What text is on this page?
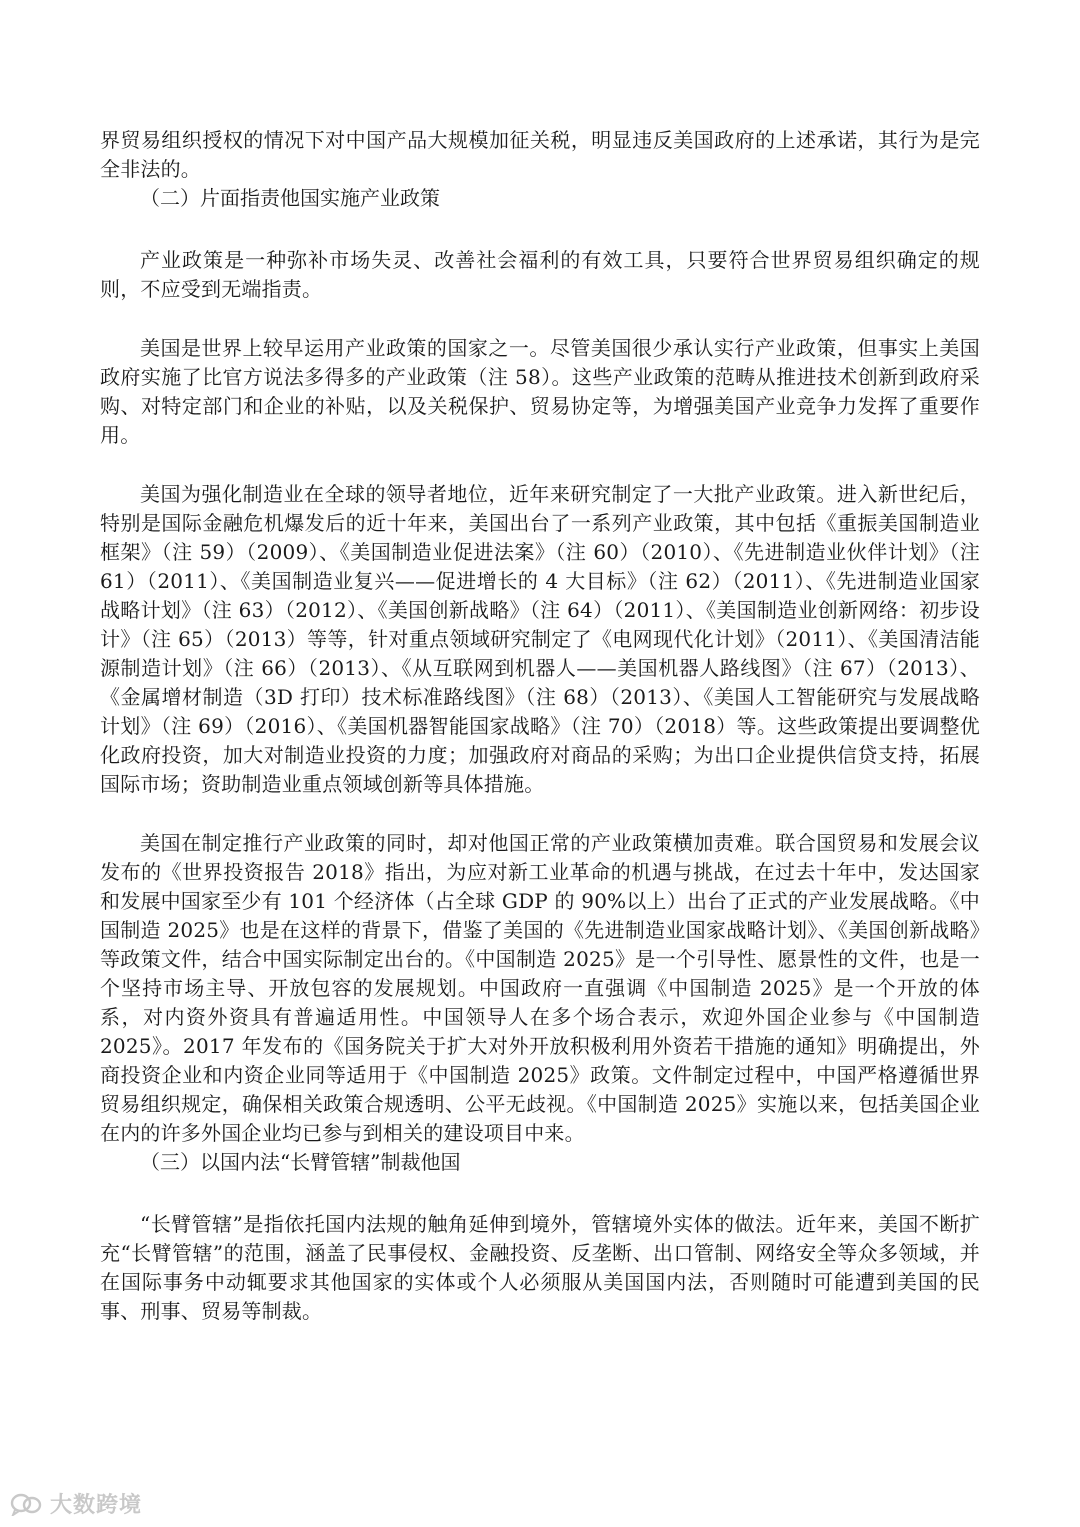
界贸易组织授权的情况下对中国产品大规模加征关税，明显违反美国政府的上述承诺，其行为是完全非法的。

（二）片面指责他国实施产业政策

产业政策是一种弥补市场失灵、改善社会福利的有效工具，只要符合世界贸易组织确定的规则，不应受到无端指责。

美国是世界上较早运用产业政策的国家之一。尽管美国很少承认实行产业政策，但事实上美国政府实施了比官方说法多得多的产业政策（注 58）。这些产业政策的范畴从推进技术创新到政府采购、对特定部门和企业的补贴，以及关税保护、贸易协定等，为增强美国产业竞争力发挥了重要作用。

美国为强化制造业在全球的领导者地位，近年来研究制定了一大批产业政策。进入新世纪后，特别是国际金融危机爆发后的近十年来，美国出台了一系列产业政策，其中包括《重振美国制造业框架》（注 59）（2009）、《美国制造业促进法案》（注 60）（2010）、《先进制造业伙伴计划》（注 61）（2011）、《美国制造业复兴——促进增长的 4 大目标》（注 62）（2011）、《先进制造业国家战略计划》（注 63）（2012）、《美国创新战略》（注 64）（2011）、《美国制造业创新网络：初步设计》（注 65）（2013）等等，针对重点领域研究制定了《电网现代化计划》（2011）、《美国清洁能源制造计划》（注 66）（2013）、《从互联网到机器人——美国机器人路线图》（注 67）（2013）、《金属增材制造（3D 打印）技术标准路线图》（注 68）（2013）、《美国人工智能研究与发展战略计划》（注 69）（2016）、《美国机器智能国家战略》（注 70）（2018）等。这些政策提出要调整优化政府投资，加大对制造业投资的力度；加强政府对商品的采购；为出口企业提供信贷支持，拓展国际市场；资助制造业重点领域创新等具体措施。

美国在制定推行产业政策的同时，却对他国正常的产业政策横加责难。联合国贸易和发展会议发布的《世界投资报告 2018》指出，为应对新工业革命的机遇与挑战，在过去十年中，发达国家和发展中国家至少有 101 个经济体（占全球 GDP 的 90%以上）出台了正式的产业发展战略。《中国制造 2025》也是在这样的背景下，借鉴了美国的《先进制造业国家战略计划》、《美国创新战略》等政策文件，结合中国实际制定出台的。《中国制造 2025》是一个引导性、愿景性的文件，也是一个坚持市场主导、开放包容的发展规划。中国政府一直强调《中国制造 2025》是一个开放的体系，对内资外资具有普遍适用性。中国领导人在多个场合表示，欢迎外国企业参与《中国制造 2025》。2017 年发布的《国务院关于扩大对外开放积极利用外资若干措施的通知》明确提出，外商投资企业和内资企业同等适用于《中国制造 2025》政策。文件制定过程中，中国严格遵循世界贸易组织规定，确保相关政策合规透明、公平无歧视。《中国制造 2025》实施以来，包括美国企业在内的许多外国企业均已参与到相关的建设项目中来。

（三）以国内法“长臂管辖”制裁他国

“长臂管辖”是指依托国内法规的触角延伸到境外，管辖境外实体的做法。近年来，美国不断扩充“长臂管辖”的范围，涵盖了民事侵权、金融投资、反垄断、出口管制、网络安全等众多领域，并在国际事务中动辄要求其他国家的实体或个人必须服从美国国内法，否则随时可能遭到美国的民事、刑事、贸易等制裁。

大数跨境
